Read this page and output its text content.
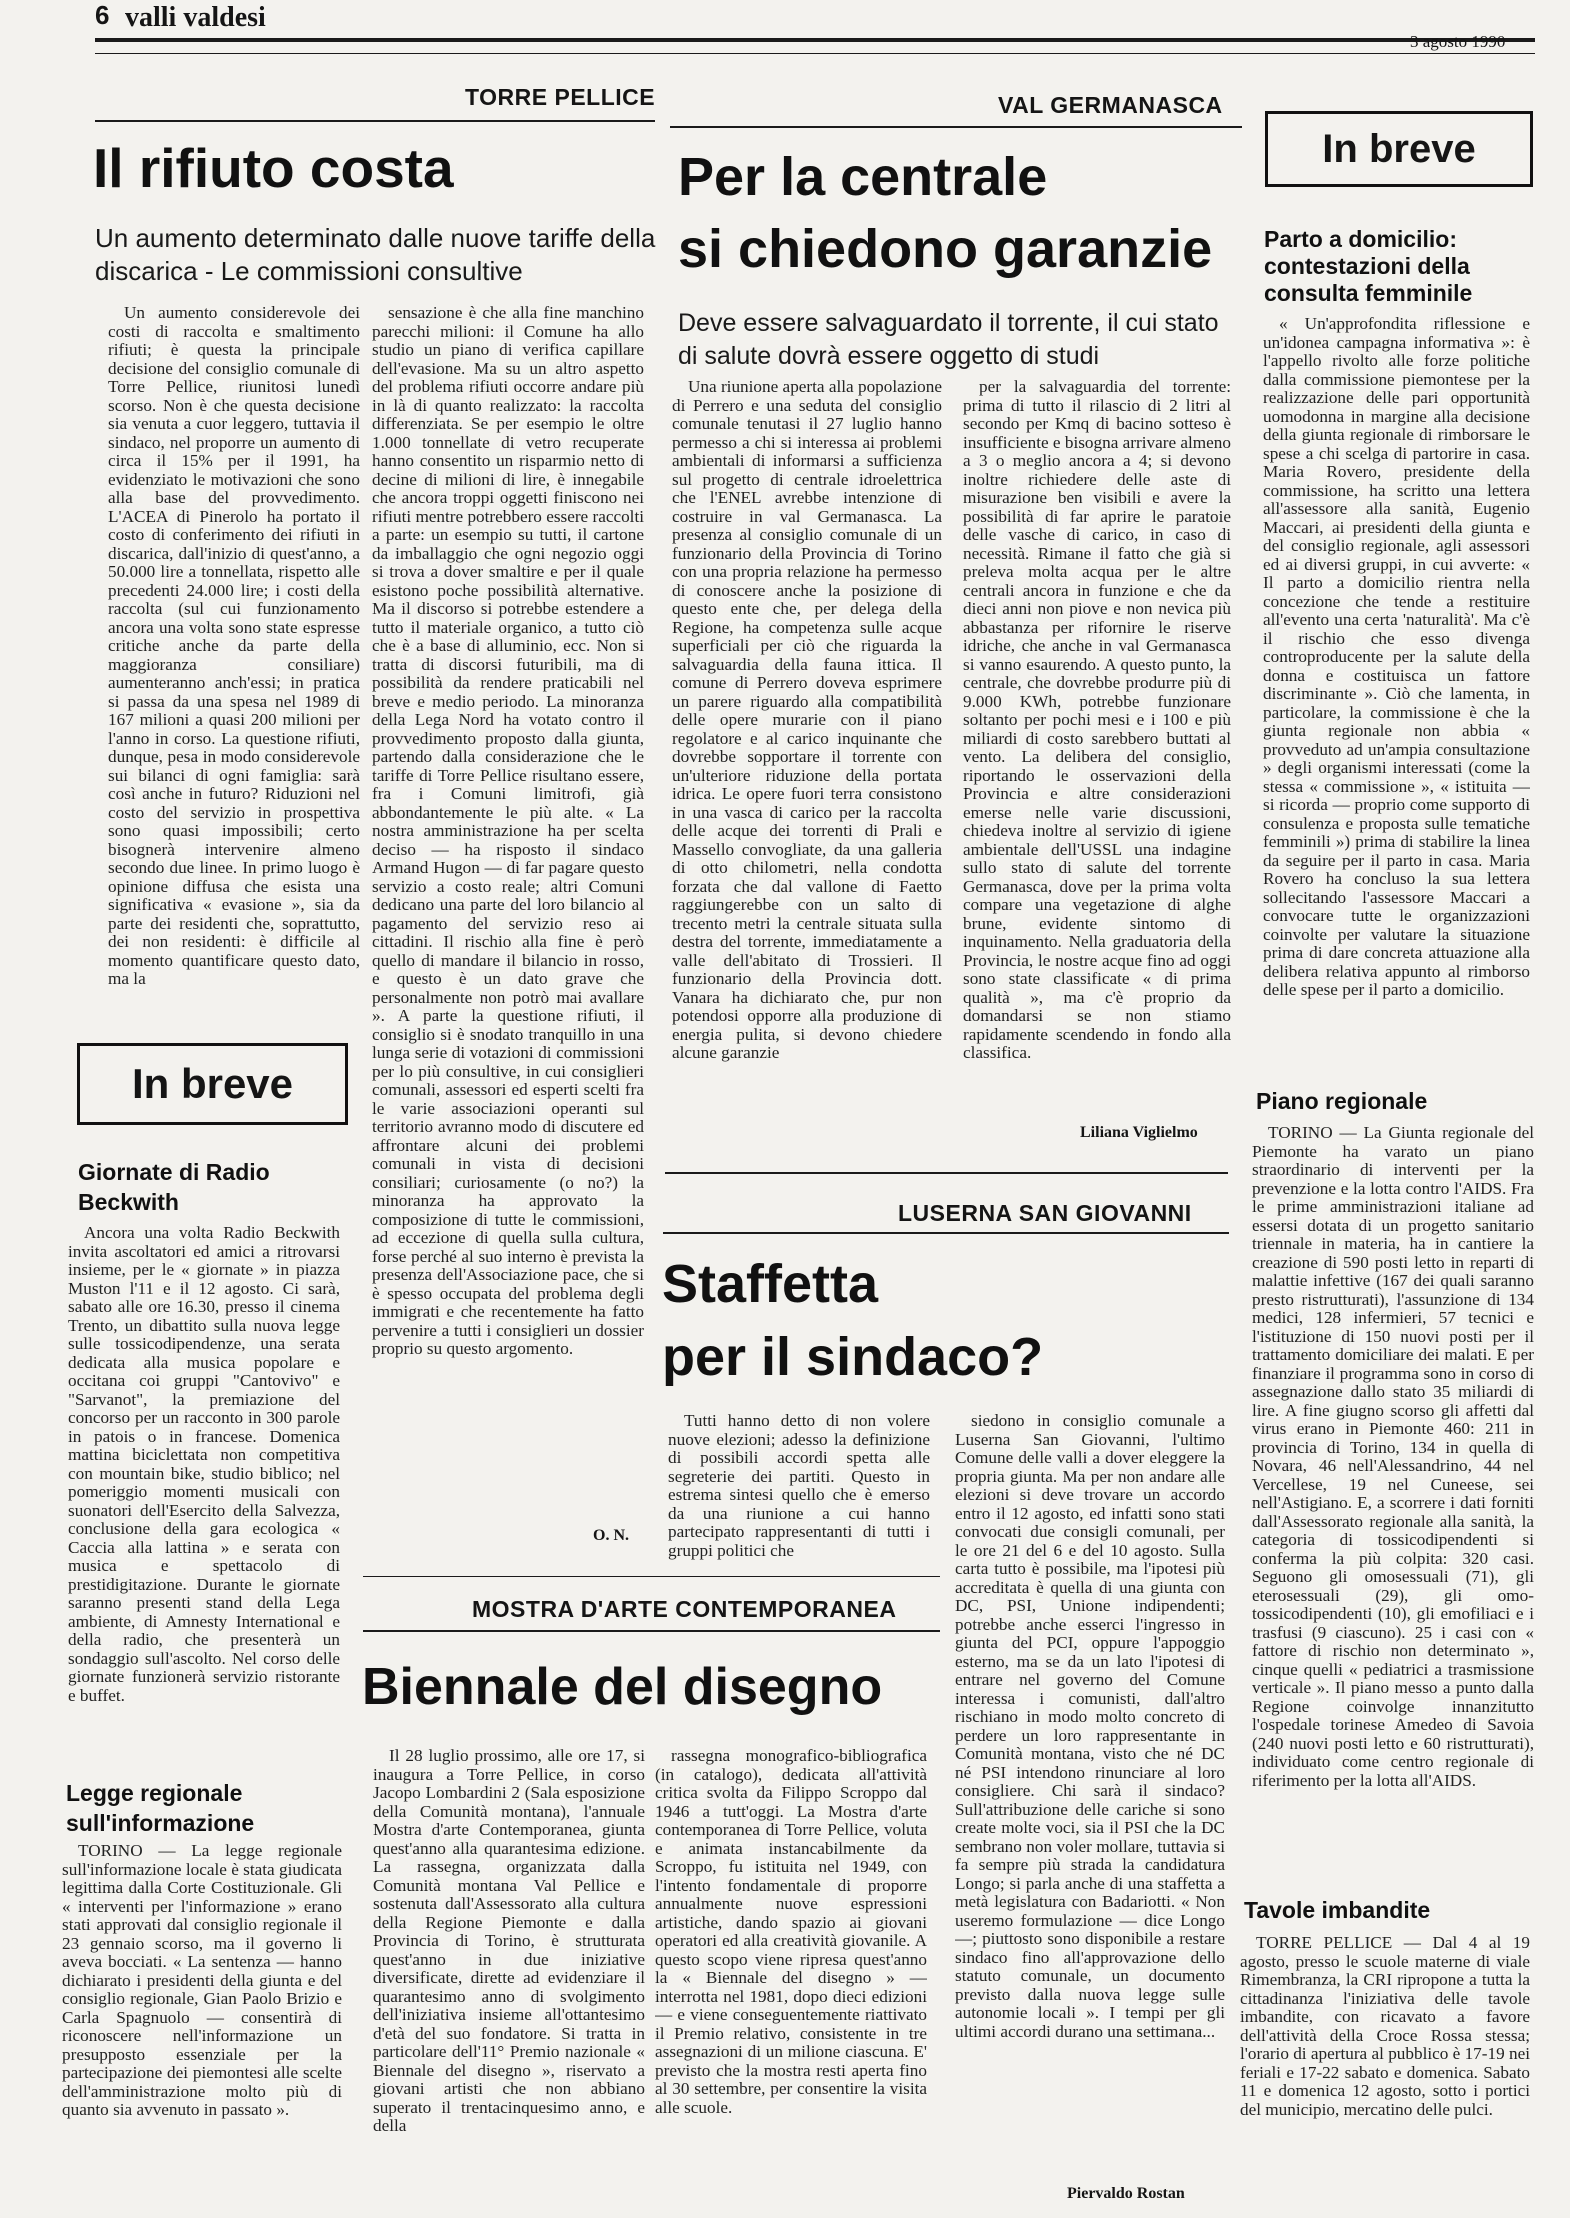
6 valli valdesi
3 agosto 1990
TORRE PELLICE
Il rifiuto costa
Un aumento determinato dalle nuove tariffe della discarica - Le commissioni consultive
Un aumento considerevole dei costi di raccolta e smaltimento rifiuti; è questa la principale decisione del consiglio comunale di Torre Pellice, riunitosi lunedì scorso. Non è che questa decisione sia venuta a cuor leggero, tuttavia il sindaco, nel proporre un aumento di circa il 15% per il 1991, ha evidenziato le motivazioni che sono alla base del provvedimento. L'ACEA di Pinerolo ha portato il costo di conferimento dei rifiuti in discarica, dall'inizio di quest'anno, a 50.000 lire a tonnellata, rispetto alle precedenti 24.000 lire; i costi della raccolta (sul cui funzionamento ancora una volta sono state espresse critiche anche da parte della maggioranza consiliare) aumenteranno anch'essi; in pratica si passa da una spesa nel 1989 di 167 milioni a quasi 200 milioni per l'anno in corso. La questione rifiuti, dunque, pesa in modo considerevole sui bilanci di ogni famiglia: sarà così anche in futuro? Riduzioni nel costo del servizio in prospettiva sono quasi impossibili; certo bisognerà intervenire almeno secondo due linee. In primo luogo è opinione diffusa che esista una significativa « evasione », sia da parte dei residenti che, soprattutto, dei non residenti: è difficile al momento quantificare questo dato, ma la
sensazione è che alla fine manchino parecchi milioni: il Comune ha allo studio un piano di verifica capillare dell'evasione. Ma su un altro aspetto del problema rifiuti occorre andare più in là di quanto realizzato: la raccolta differenziata. Se per esempio le oltre 1.000 tonnellate di vetro recuperate hanno consentito un risparmio netto di decine di milioni di lire, è innegabile che ancora troppi oggetti finiscono nei rifiuti mentre potrebbero essere raccolti a parte: un esempio su tutti, il cartone da imballaggio che ogni negozio oggi si trova a dover smaltire e per il quale esistono poche possibilità alternative. Ma il discorso si potrebbe estendere a tutto il materiale organico, a tutto ciò che è a base di alluminio, ecc. Non si tratta di discorsi futuribili, ma di possibilità da rendere praticabili nel breve e medio periodo. La minoranza della Lega Nord ha votato contro il provvedimento proposto dalla giunta, partendo dalla considerazione che le tariffe di Torre Pellice risultano essere, fra i Comuni limitrofi, già abbondantemente le più alte. « La nostra amministrazione ha per scelta deciso — ha risposto il sindaco Armand Hugon — di far pagare questo servizio a costo reale; altri Comuni dedicano una parte del loro bilancio al pagamento del servizio reso ai cittadini. Il rischio alla fine è però quello di mandare il bilancio in rosso, e questo è un dato grave che personalmente non potrò mai avallare ». A parte la questione rifiuti, il consiglio si è snodato tranquillo in una lunga serie di votazioni di commissioni per lo più consultive, in cui consiglieri comunali, assessori ed esperti scelti fra le varie associazioni operanti sul territorio avranno modo di discutere ed affrontare alcuni dei problemi comunali in vista di decisioni consiliari; curiosamente (o no?) la minoranza ha approvato la composizione di tutte le commissioni, ad eccezione di quella sulla cultura, forse perché al suo interno è prevista la presenza dell'Associazione pace, che si è spesso occupata del problema degli immigrati e che recentemente ha fatto pervenire a tutti i consiglieri un dossier proprio su questo argomento.
O. N.
VAL GERMANASCA
Per la centrale
si chiedono garanzie
Deve essere salvaguardato il torrente, il cui stato di salute dovrà essere oggetto di studi
Una riunione aperta alla popolazione di Perrero e una seduta del consiglio comunale tenutasi il 27 luglio hanno permesso a chi si interessa ai problemi ambientali di informarsi a sufficienza sul progetto di centrale idroelettrica che l'ENEL avrebbe intenzione di costruire in val Germanasca. La presenza al consiglio comunale di un funzionario della Provincia di Torino con una propria relazione ha permesso di conoscere anche la posizione di questo ente che, per delega della Regione, ha competenza sulle acque superficiali per ciò che riguarda la salvaguardia della fauna ittica. Il comune di Perrero doveva esprimere un parere riguardo alla compatibilità delle opere murarie con il piano regolatore e al carico inquinante che dovrebbe sopportare il torrente con un'ulteriore riduzione della portata idrica. Le opere fuori terra consistono in una vasca di carico per la raccolta delle acque dei torrenti di Prali e Massello convogliate, da una galleria di otto chilometri, nella condotta forzata che dal vallone di Faetto raggiungerebbe con un salto di trecento metri la centrale situata sulla destra del torrente, immediatamente a valle dell'abitato di Trossieri. Il funzionario della Provincia dott. Vanara ha dichiarato che, pur non potendosi opporre alla produzione di energia pulita, si devono chiedere alcune garanzie
per la salvaguardia del torrente: prima di tutto il rilascio di 2 litri al secondo per Kmq di bacino sotteso è insufficiente e bisogna arrivare almeno a 3 o meglio ancora a 4; si devono inoltre richiedere delle aste di misurazione ben visibili e avere la possibilità di far aprire le paratoie delle vasche di carico, in caso di necessità. Rimane il fatto che già si preleva molta acqua per le altre centrali ancora in funzione e che da dieci anni non piove e non nevica più abbastanza per rifornire le riserve idriche, che anche in val Germanasca si vanno esaurendo. A questo punto, la centrale, che dovrebbe produrre più di 9.000 KWh, potrebbe funzionare soltanto per pochi mesi e i 100 e più miliardi di costo sarebbero buttati al vento. La delibera del consiglio, riportando le osservazioni della Provincia e altre considerazioni emerse nelle varie discussioni, chiedeva inoltre al servizio di igiene ambientale dell'USSL una indagine sullo stato di salute del torrente Germanasca, dove per la prima volta compare una vegetazione di alghe brune, evidente sintomo di inquinamento. Nella graduatoria della Provincia, le nostre acque fino ad oggi sono state classificate « di prima qualità », ma c'è proprio da domandarsi se non stiamo rapidamente scendendo in fondo alla classifica.
Liliana Viglielmo
In breve
Parto a domicilio: contestazioni della consulta femminile
« Un'approfondita riflessione e un'idonea campagna informativa »: è l'appello rivolto alle forze politiche dalla commissione piemontese per la realizzazione delle pari opportunità uomodonna in margine alla decisione della giunta regionale di rimborsare le spese a chi scelga di partorire in casa. Maria Rovero, presidente della commissione, ha scritto una lettera all'assessore alla sanità, Eugenio Maccari, ai presidenti della giunta e del consiglio regionale, agli assessori ed ai diversi gruppi, in cui avverte: « Il parto a domicilio rientra nella concezione che tende a restituire all'evento una certa 'naturalità'. Ma c'è il rischio che esso divenga controproducente per la salute della donna e costituisca un fattore discriminante ». Ciò che lamenta, in particolare, la commissione è che la giunta regionale non abbia « provveduto ad un'ampia consultazione » degli organismi interessati (come la stessa « commissione », « istituita — si ricorda — proprio come supporto di consulenza e proposta sulle tematiche femminili ») prima di stabilire la linea da seguire per il parto in casa. Maria Rovero ha concluso la sua lettera sollecitando l'assessore Maccari a convocare tutte le organizzazioni coinvolte per valutare la situazione prima di dare concreta attuazione alla delibera relativa appunto al rimborso delle spese per il parto a domicilio.
Piano regionale
TORINO — La Giunta regionale del Piemonte ha varato un piano straordinario di interventi per la prevenzione e la lotta contro l'AIDS. Fra le prime amministrazioni italiane ad essersi dotata di un progetto sanitario triennale in materia, ha in cantiere la creazione di 590 posti letto in reparti di malattie infettive (167 dei quali saranno presto ristrutturati), l'assunzione di 134 medici, 128 infermieri, 57 tecnici e l'istituzione di 150 nuovi posti per il trattamento domiciliare dei malati. E per finanziare il programma sono in corso di assegnazione dallo stato 35 miliardi di lire. A fine giugno scorso gli affetti dal virus erano in Piemonte 460: 211 in provincia di Torino, 134 in quella di Novara, 46 nell'Alessandrino, 44 nel Vercellese, 19 nel Cuneese, sei nell'Astigiano. E, a scorrere i dati forniti dall'Assessorato regionale alla sanità, la categoria di tossicodipendenti si conferma la più colpita: 320 casi. Seguono gli omosessuali (71), gli eterosessuali (29), gli omo-tossicodipendenti (10), gli emofiliaci e i trasfusi (9 ciascuno). 25 i casi con « fattore di rischio non determinato », cinque quelli « pediatrici a trasmissione verticale ». Il piano messo a punto dalla Regione coinvolge innanzitutto l'ospedale torinese Amedeo di Savoia (240 nuovi posti letto e 60 ristrutturati), individuato come centro regionale di riferimento per la lotta all'AIDS.
Tavole imbandite
TORRE PELLICE — Dal 4 al 19 agosto, presso le scuole materne di viale Rimembranza, la CRI ripropone a tutta la cittadinanza l'iniziativa delle tavole imbandite, con ricavato a favore dell'attività della Croce Rossa stessa; l'orario di apertura al pubblico è 17-19 nei feriali e 17-22 sabato e domenica. Sabato 11 e domenica 12 agosto, sotto i portici del municipio, mercatino delle pulci.
In breve
Giornate di Radio Beckwith
Ancora una volta Radio Beckwith invita ascoltatori ed amici a ritrovarsi insieme, per le « giornate » in piazza Muston l'11 e il 12 agosto. Ci sarà, sabato alle ore 16.30, presso il cinema Trento, un dibattito sulla nuova legge sulle tossicodipendenze, una serata dedicata alla musica popolare e occitana coi gruppi "Cantovivo" e "Sarvanot", la premiazione del concorso per un racconto in 300 parole in patois o in francese. Domenica mattina biciclettata non competitiva con mountain bike, studio biblico; nel pomeriggio momenti musicali con suonatori dell'Esercito della Salvezza, conclusione della gara ecologica « Caccia alla lattina » e serata con musica e spettacolo di prestidigitazione. Durante le giornate saranno presenti stand della Lega ambiente, di Amnesty International e della radio, che presenterà un sondaggio sull'ascolto. Nel corso delle giornate funzionerà servizio ristorante e buffet.
Legge regionale sull'informazione
TORINO — La legge regionale sull'informazione locale è stata giudicata legittima dalla Corte Costituzionale. Gli « interventi per l'informazione » erano stati approvati dal consiglio regionale il 23 gennaio scorso, ma il governo li aveva bocciati. « La sentenza — hanno dichiarato i presidenti della giunta e del consiglio regionale, Gian Paolo Brizio e Carla Spagnuolo — consentirà di riconoscere nell'informazione un presupposto essenziale per la partecipazione dei piemontesi alle scelte dell'amministrazione molto più di quanto sia avvenuto in passato ».
LUSERNA SAN GIOVANNI
Staffetta
per il sindaco?
Tutti hanno detto di non volere nuove elezioni; adesso la definizione di possibili accordi spetta alle segreterie dei partiti. Questo in estrema sintesi quello che è emerso da una riunione a cui hanno partecipato rappresentanti di tutti i gruppi politici che
siedono in consiglio comunale a Luserna San Giovanni, l'ultimo Comune delle valli a dover eleggere la propria giunta. Ma per non andare alle elezioni si deve trovare un accordo entro il 12 agosto, ed infatti sono stati convocati due consigli comunali, per le ore 21 del 6 e del 10 agosto. Sulla carta tutto è possibile, ma l'ipotesi più accreditata è quella di una giunta con DC, PSI, Unione indipendenti; potrebbe anche esserci l'ingresso in giunta del PCI, oppure l'appoggio esterno, ma se da un lato l'ipotesi di entrare nel governo del Comune interessa i comunisti, dall'altro rischiano in modo molto concreto di perdere un loro rappresentante in Comunità montana, visto che né DC né PSI intendono rinunciare al loro consigliere. Chi sarà il sindaco? Sull'attribuzione delle cariche si sono create molte voci, sia il PSI che la DC sembrano non voler mollare, tuttavia si fa sempre più strada la candidatura Longo; si parla anche di una staffetta a metà legislatura con Badariotti. « Non useremo formulazione — dice Longo —; piuttosto sono disponibile a restare sindaco fino all'approvazione dello statuto comunale, un documento previsto dalla nuova legge sulle autonomie locali ». I tempi per gli ultimi accordi durano una settimana...
Piervaldo Rostan
MOSTRA D'ARTE CONTEMPORANEA
Biennale del disegno
Il 28 luglio prossimo, alle ore 17, si inaugura a Torre Pellice, in corso Jacopo Lombardini 2 (Sala esposizione della Comunità montana), l'annuale Mostra d'arte Contemporanea, giunta quest'anno alla quarantesima edizione. La rassegna, organizzata dalla Comunità montana Val Pellice e sostenuta dall'Assessorato alla cultura della Regione Piemonte e dalla Provincia di Torino, è strutturata quest'anno in due iniziative diversificate, dirette ad evidenziare il quarantesimo anno di svolgimento dell'iniziativa insieme all'ottantesimo d'età del suo fondatore. Si tratta in particolare dell'11° Premio nazionale « Biennale del disegno », riservato a giovani artisti che non abbiano superato il trentacinquesimo anno, e della
rassegna monografico-bibliografica (in catalogo), dedicata all'attività critica svolta da Filippo Scroppo dal 1946 a tutt'oggi. La Mostra d'arte contemporanea di Torre Pellice, voluta e animata instancabilmente da Scroppo, fu istituita nel 1949, con l'intento fondamentale di proporre annualmente nuove espressioni artistiche, dando spazio ai giovani operatori ed alla creatività giovanile. A questo scopo viene ripresa quest'anno la « Biennale del disegno » — interrotta nel 1981, dopo dieci edizioni — e viene conseguentemente riattivato il Premio relativo, consistente in tre assegnazioni di un milione ciascuna. E' previsto che la mostra resti aperta fino al 30 settembre, per consentire la visita alle scuole.
